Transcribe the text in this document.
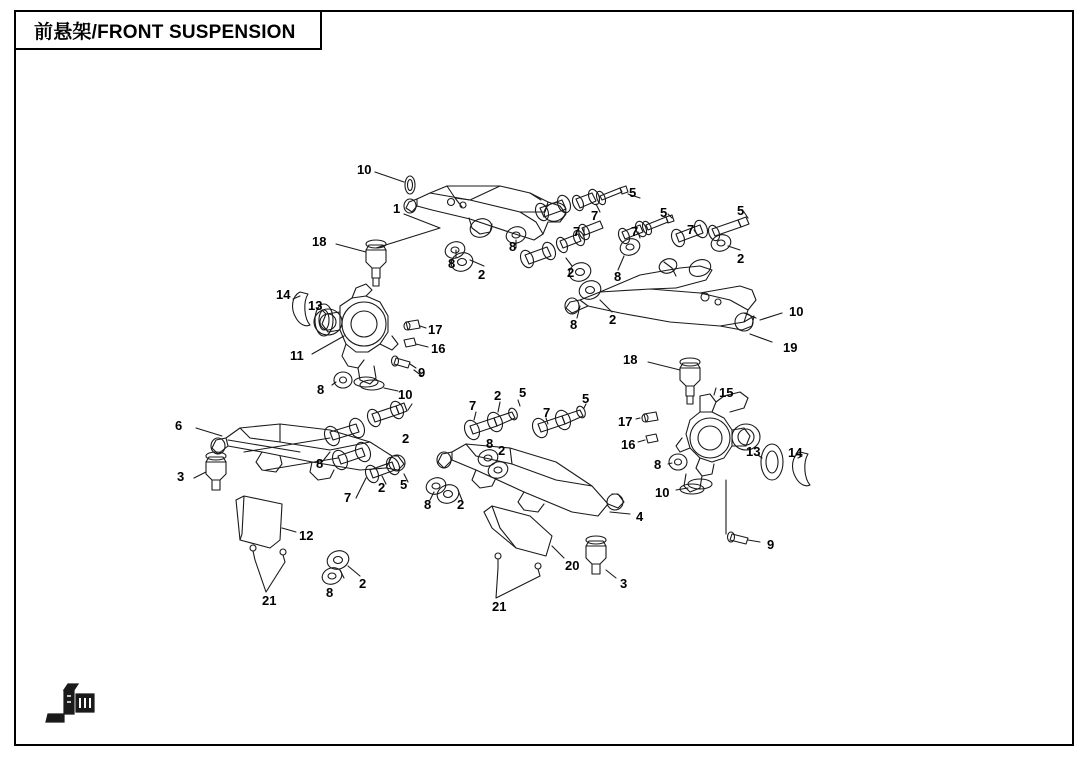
前悬架/FRONT SUSPENSION
10
1
5
7
18	8
7
5
7
5
7
2
2
8
2	8
10
8 2
19
14
13
17
16
11
9
8	10
18
15
17
16	13 14
8
10
9
6
3
2 5
7	7
5
2	8 2
8
7
2 5
8 2
12
4
2
8
21
20
3
21
